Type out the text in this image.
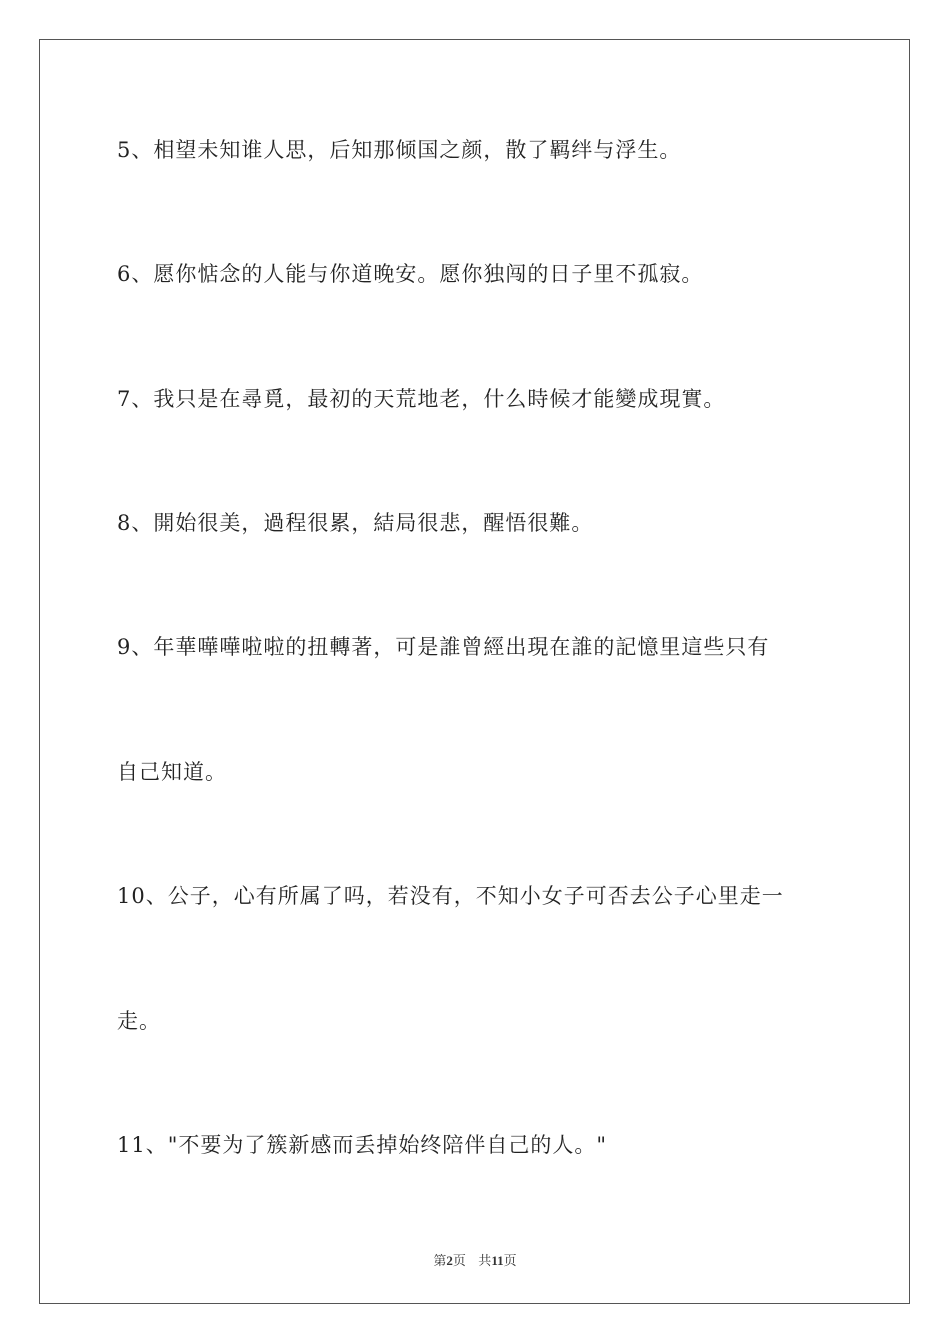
5、相望未知谁人思，后知那倾国之颜，散了羁绊与浮生。
6、愿你惦念的人能与你道晚安。愿你独闯的日子里不孤寂。
7、我只是在尋覓，最初的天荒地老，什么時候才能變成現實。
8、開始很美，過程很累，結局很悲，醒悟很難。
9、年華嘩嘩啦啦的扭轉著，可是誰曾經出現在誰的記憶里這些只有
自己知道。
10、公子，心有所属了吗，若没有，不知小女子可否去公子心里走一
走。
11、"不要为了簇新感而丢掉始终陪伴自己的人。"
第2页 共11页
